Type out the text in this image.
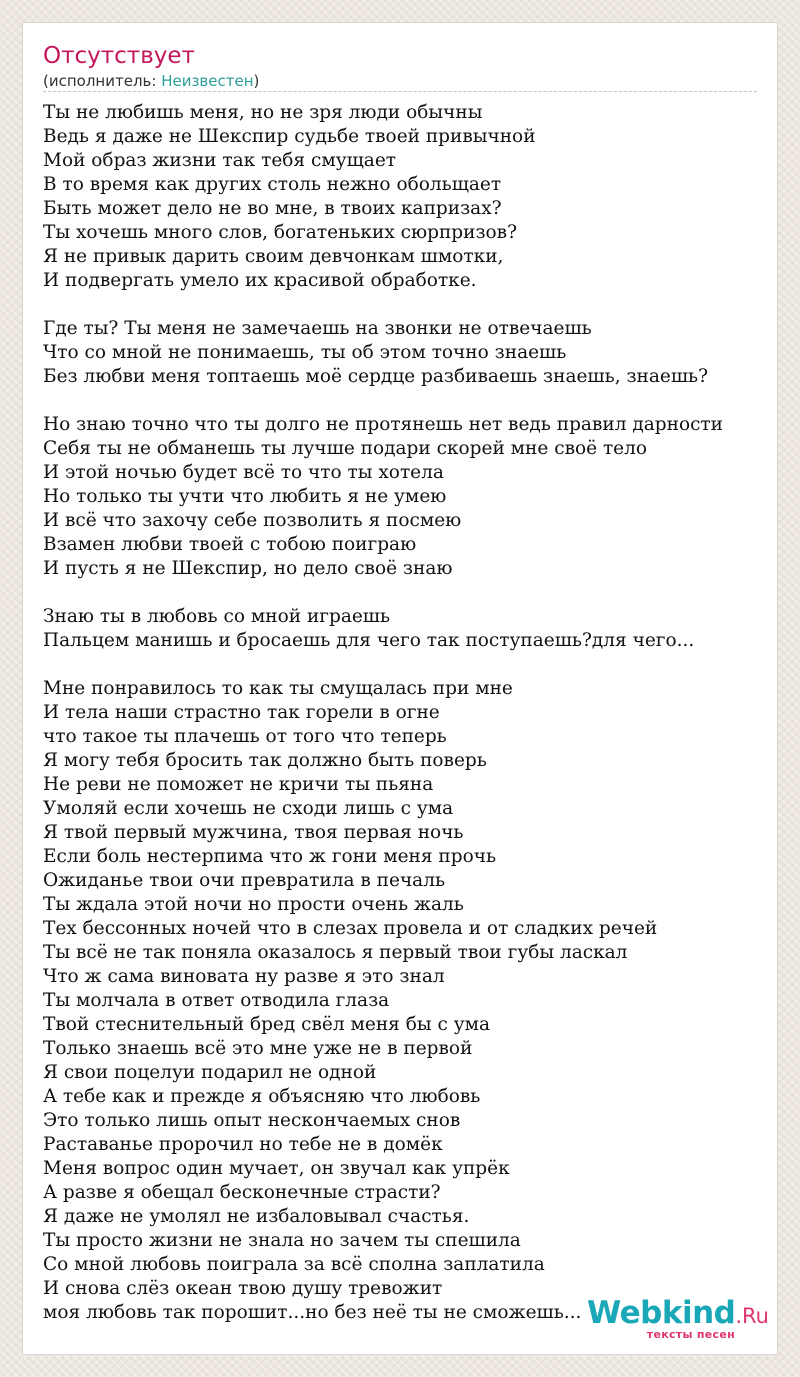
Отсутствует
(исполнитель: Неизвестен)
Ты не любишь меня, но не зря люди обычны
Ведь я даже не Шекспир судьбе твоей привычной
Мой образ жизни так тебя смущает
В то время как других столь нежно обольщает
Быть может дело не во мне, в твоих капризах?
Ты хочешь много слов, богатеньких сюрпризов?
Я не привык дарить своим девчонкам шмотки,
И подвергать умело их красивой обработке.
Где ты? Ты меня не замечаешь на звонки не отвечаешь
Что со мной не понимаешь, ты об этом точно знаешь
Без любви меня топтаешь моё сердце разбиваешь знаешь, знаешь?
Но знаю точно что ты долго не протянешь нет ведь правил дарности
Себя ты не обманешь ты лучше подари скорей мне своё тело
И этой ночью будет всё то что ты хотела
Но только ты учти что любить я не умею
И всё что захочу себе позволить я посмею
Взамен любви твоей с тобою поиграю
И пусть я не Шекспир, но дело своё знаю
Знаю ты в любовь со мной играешь
Пальцем манишь и бросаешь для чего так поступаешь?для чего...
Мне понравилось то как ты смущалась при мне
И тела наши страстно так горели в огне
что такое ты плачешь от того что теперь
Я могу тебя бросить так должно быть поверь
Не реви не поможет не кричи ты пьяна
Умоляй если хочешь не сходи лишь с ума
Я твой первый мужчина, твоя первая ночь
Если боль нестерпима что ж гони меня прочь
Ожиданье твои очи превратила в печаль
Ты ждала этой ночи но прости очень жаль
Тех бессонных ночей что в слезах провела и от сладких речей
Ты всё не так поняла оказалось я первый твои губы ласкал
Что ж сама виновата ну разве я это знал
Ты молчала в ответ отводила глаза
Твой стеснительный бред свёл меня бы с ума
Только знаешь всё это мне уже не в первой
Я свои поцелуи подарил не одной
А тебе как и прежде я объясняю что любовь
Это только лишь опыт нескончаемых снов
Раставанье пророчил но тебе не в домёк
Меня вопрос один мучает, он звучал как упрёк
А разве я обещал бесконечные страсти?
Я даже не умолял не избаловывал счастья.
Ты просто жизни не знала но зачем ты спешила
Со мной любовь поиграла за всё сполна заплатила
И снова слёз океан твою душу тревожит
моя любовь так порошит...но без неё ты не сможешь... Webkind.Ru
тексты песен
